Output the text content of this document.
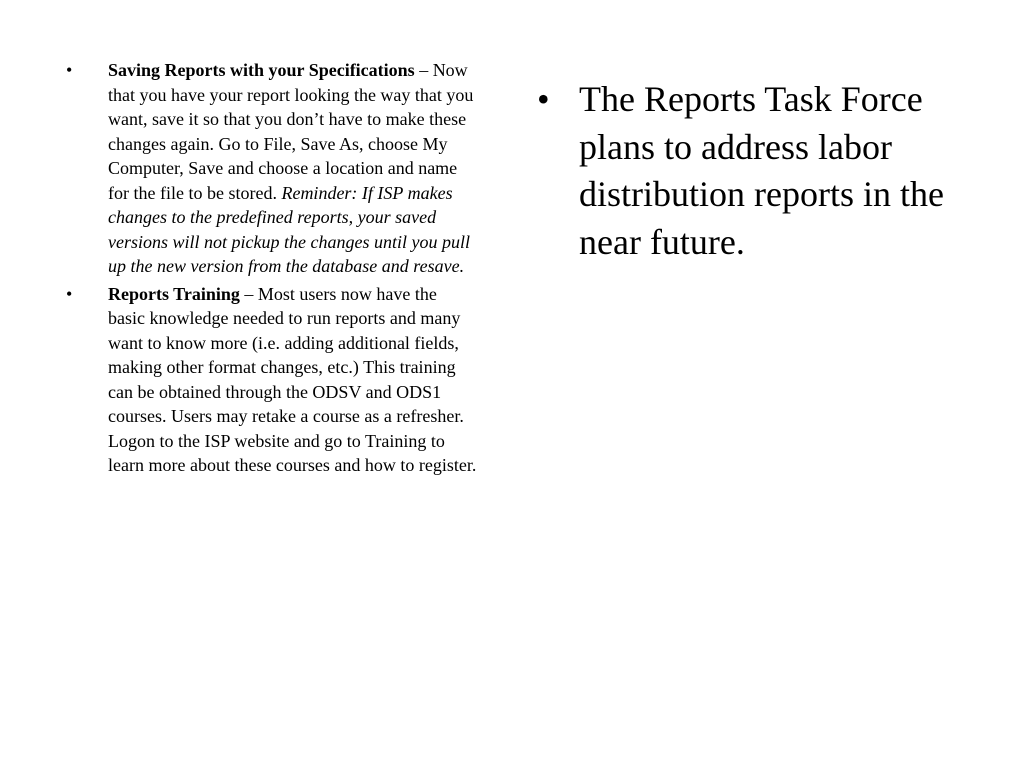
•	Saving Reports with your Specifications – Now that you have your report looking the way that you want, save it so that you don’t have to make these changes again. Go to File, Save As, choose My Computer, Save and choose a location and name for the file to be stored. Reminder: If ISP makes changes to the predefined reports, your saved versions will not pickup the changes until you pull up the new version from the database and resave.
•	Reports Training – Most users now have the basic knowledge needed to run reports and many want to know more (i.e. adding additional fields, making other format changes, etc.) This training can be obtained through the ODSV and ODS1 courses. Users may retake a course as a refresher. Logon to the ISP website and go to Training to learn more about these courses and how to register.
• The Reports Task Force plans to address labor distribution reports in the near future.
